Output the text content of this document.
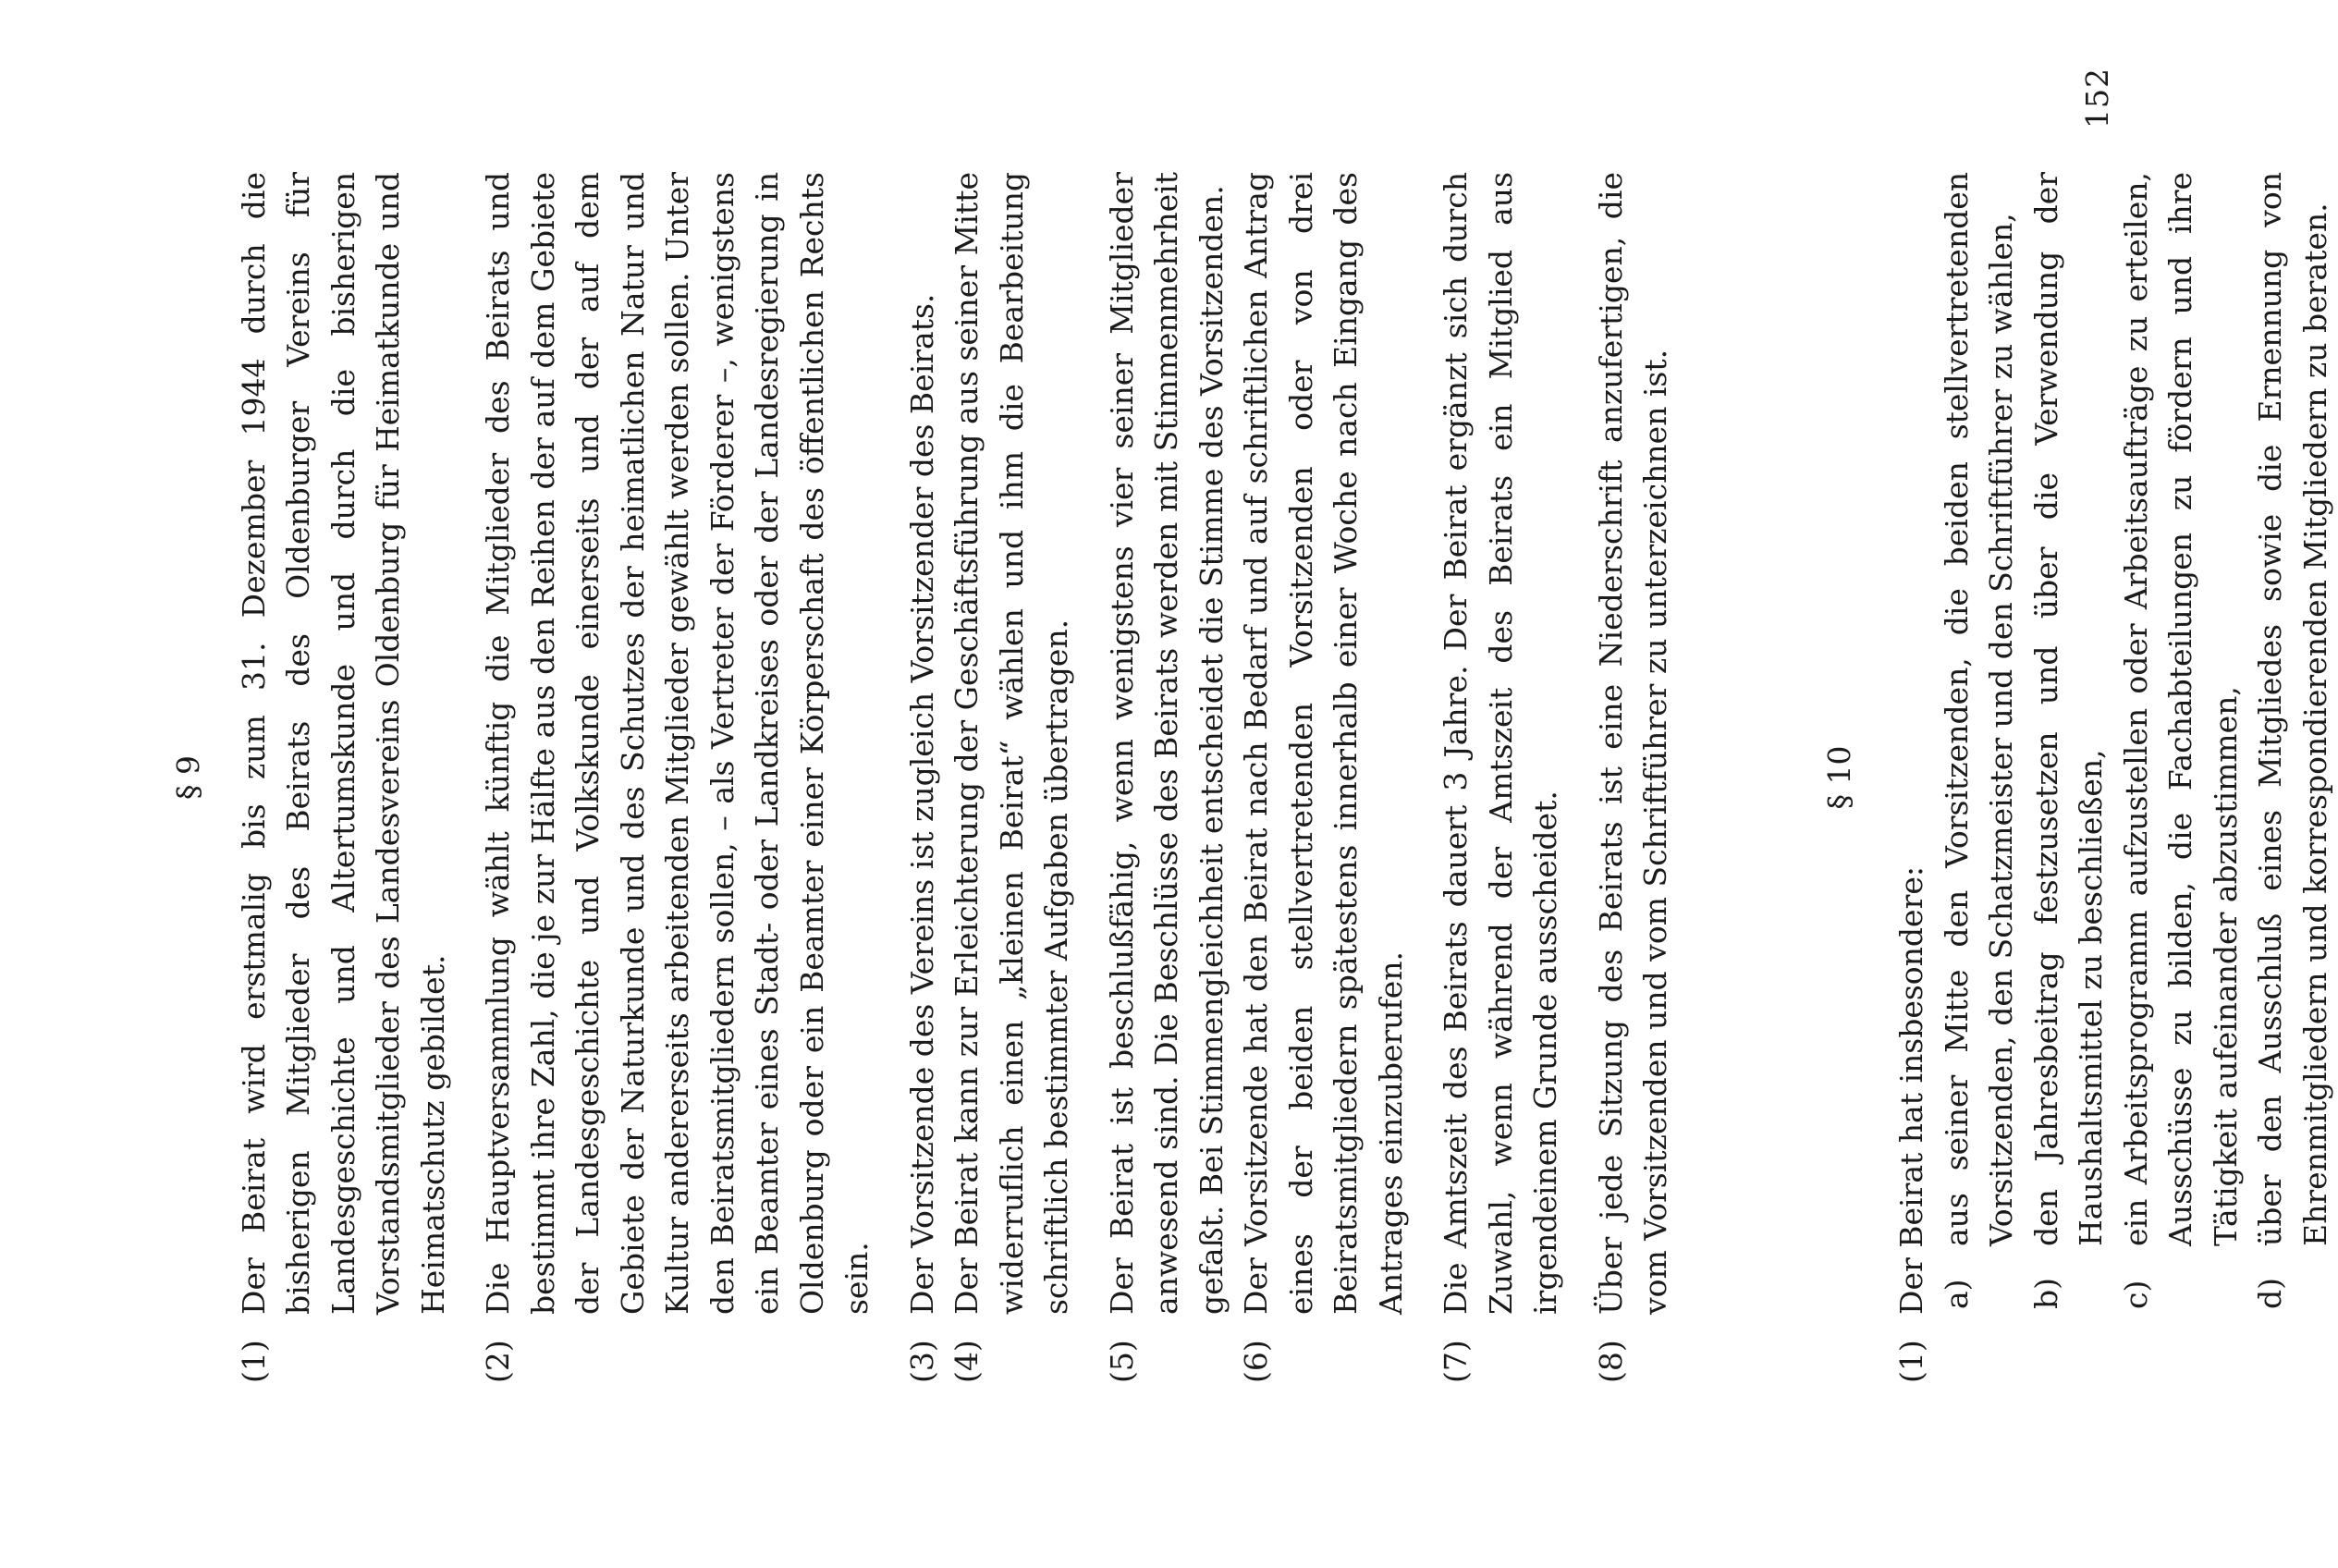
§ 9
(1)
Der Beirat wird erstmalig bis zum 31. Dezember 1944 durch die bisherigen Mitglieder des Beirats des Oldenburger Vereins für Landesgeschichte und Altertumskunde und durch die bisherigen Vorstandsmitglieder des Landesvereins Oldenburg für Heimatkunde und Heimatschutz gebildet.
(2)
Die Hauptversammlung wählt künftig die Mitglieder des Beirats und bestimmt ihre Zahl, die je zur Hälfte aus den Reihen der auf dem Gebiete der Landesgeschichte und Volkskunde einerseits und der auf dem Gebiete der Naturkunde und des Schutzes der heimatlichen Natur und Kultur andererseits arbeitenden Mitglieder gewählt werden sollen. Unter den Beiratsmitgliedern sollen, – als Vertreter der Förderer –, wenigstens ein Beamter eines Stadt- oder Landkreises oder der Landesregierung in Oldenburg oder ein Beamter einer Körperschaft des öffentlichen Rechts sein.
(3)
Der Vorsitzende des Vereins ist zugleich Vorsitzender des Beirats.
(4)
Der Beirat kann zur Erleichterung der Geschäftsführung aus seiner Mitte widerruflich einen „kleinen Beirat“ wählen und ihm die Bearbeitung schriftlich bestimmter Aufgaben übertragen.
(5)
Der Beirat ist beschlußfähig, wenn wenigstens vier seiner Mitglieder anwesend sind. Die Beschlüsse des Beirats werden mit Stimmenmehrheit gefaßt. Bei Stimmengleichheit entscheidet die Stimme des Vorsitzenden.
(6)
Der Vorsitzende hat den Beirat nach Bedarf und auf schriftlichen Antrag eines der beiden stellvertretenden Vorsitzenden oder von drei Beiratsmitgliedern spätestens innerhalb einer Woche nach Eingang des Antrages einzuberufen.
(7)
Die Amtszeit des Beirats dauert 3 Jahre. Der Beirat ergänzt sich durch Zuwahl, wenn während der Amtszeit des Beirats ein Mitglied aus irgendeinem Grunde ausscheidet.
(8)
Über jede Sitzung des Beirats ist eine Niederschrift anzufertigen, die vom Vorsitzenden und vom Schriftführer zu unterzeichnen ist.	§ 10
(1)
Der Beirat hat insbesondere: a)
aus seiner Mitte den Vorsitzenden, die beiden stellvertretenden Vorsitzenden, den Schatzmeister und den Schriftführer zu wählen,
b)
den Jahresbeitrag festzusetzen und über die Verwendung der Haushaltsmittel zu beschließen,
c)
ein Arbeitsprogramm aufzustellen oder Arbeitsaufträge zu erteilen, Ausschüsse zu bilden, die Fachabteilungen zu fördern und ihre Tätigkeit aufeinander abzustimmen,
d)
über den Ausschluß eines Mitgliedes sowie die Ernennung von Ehrenmitgliedern und korrespondierenden Mitgliedern zu beraten.

152
